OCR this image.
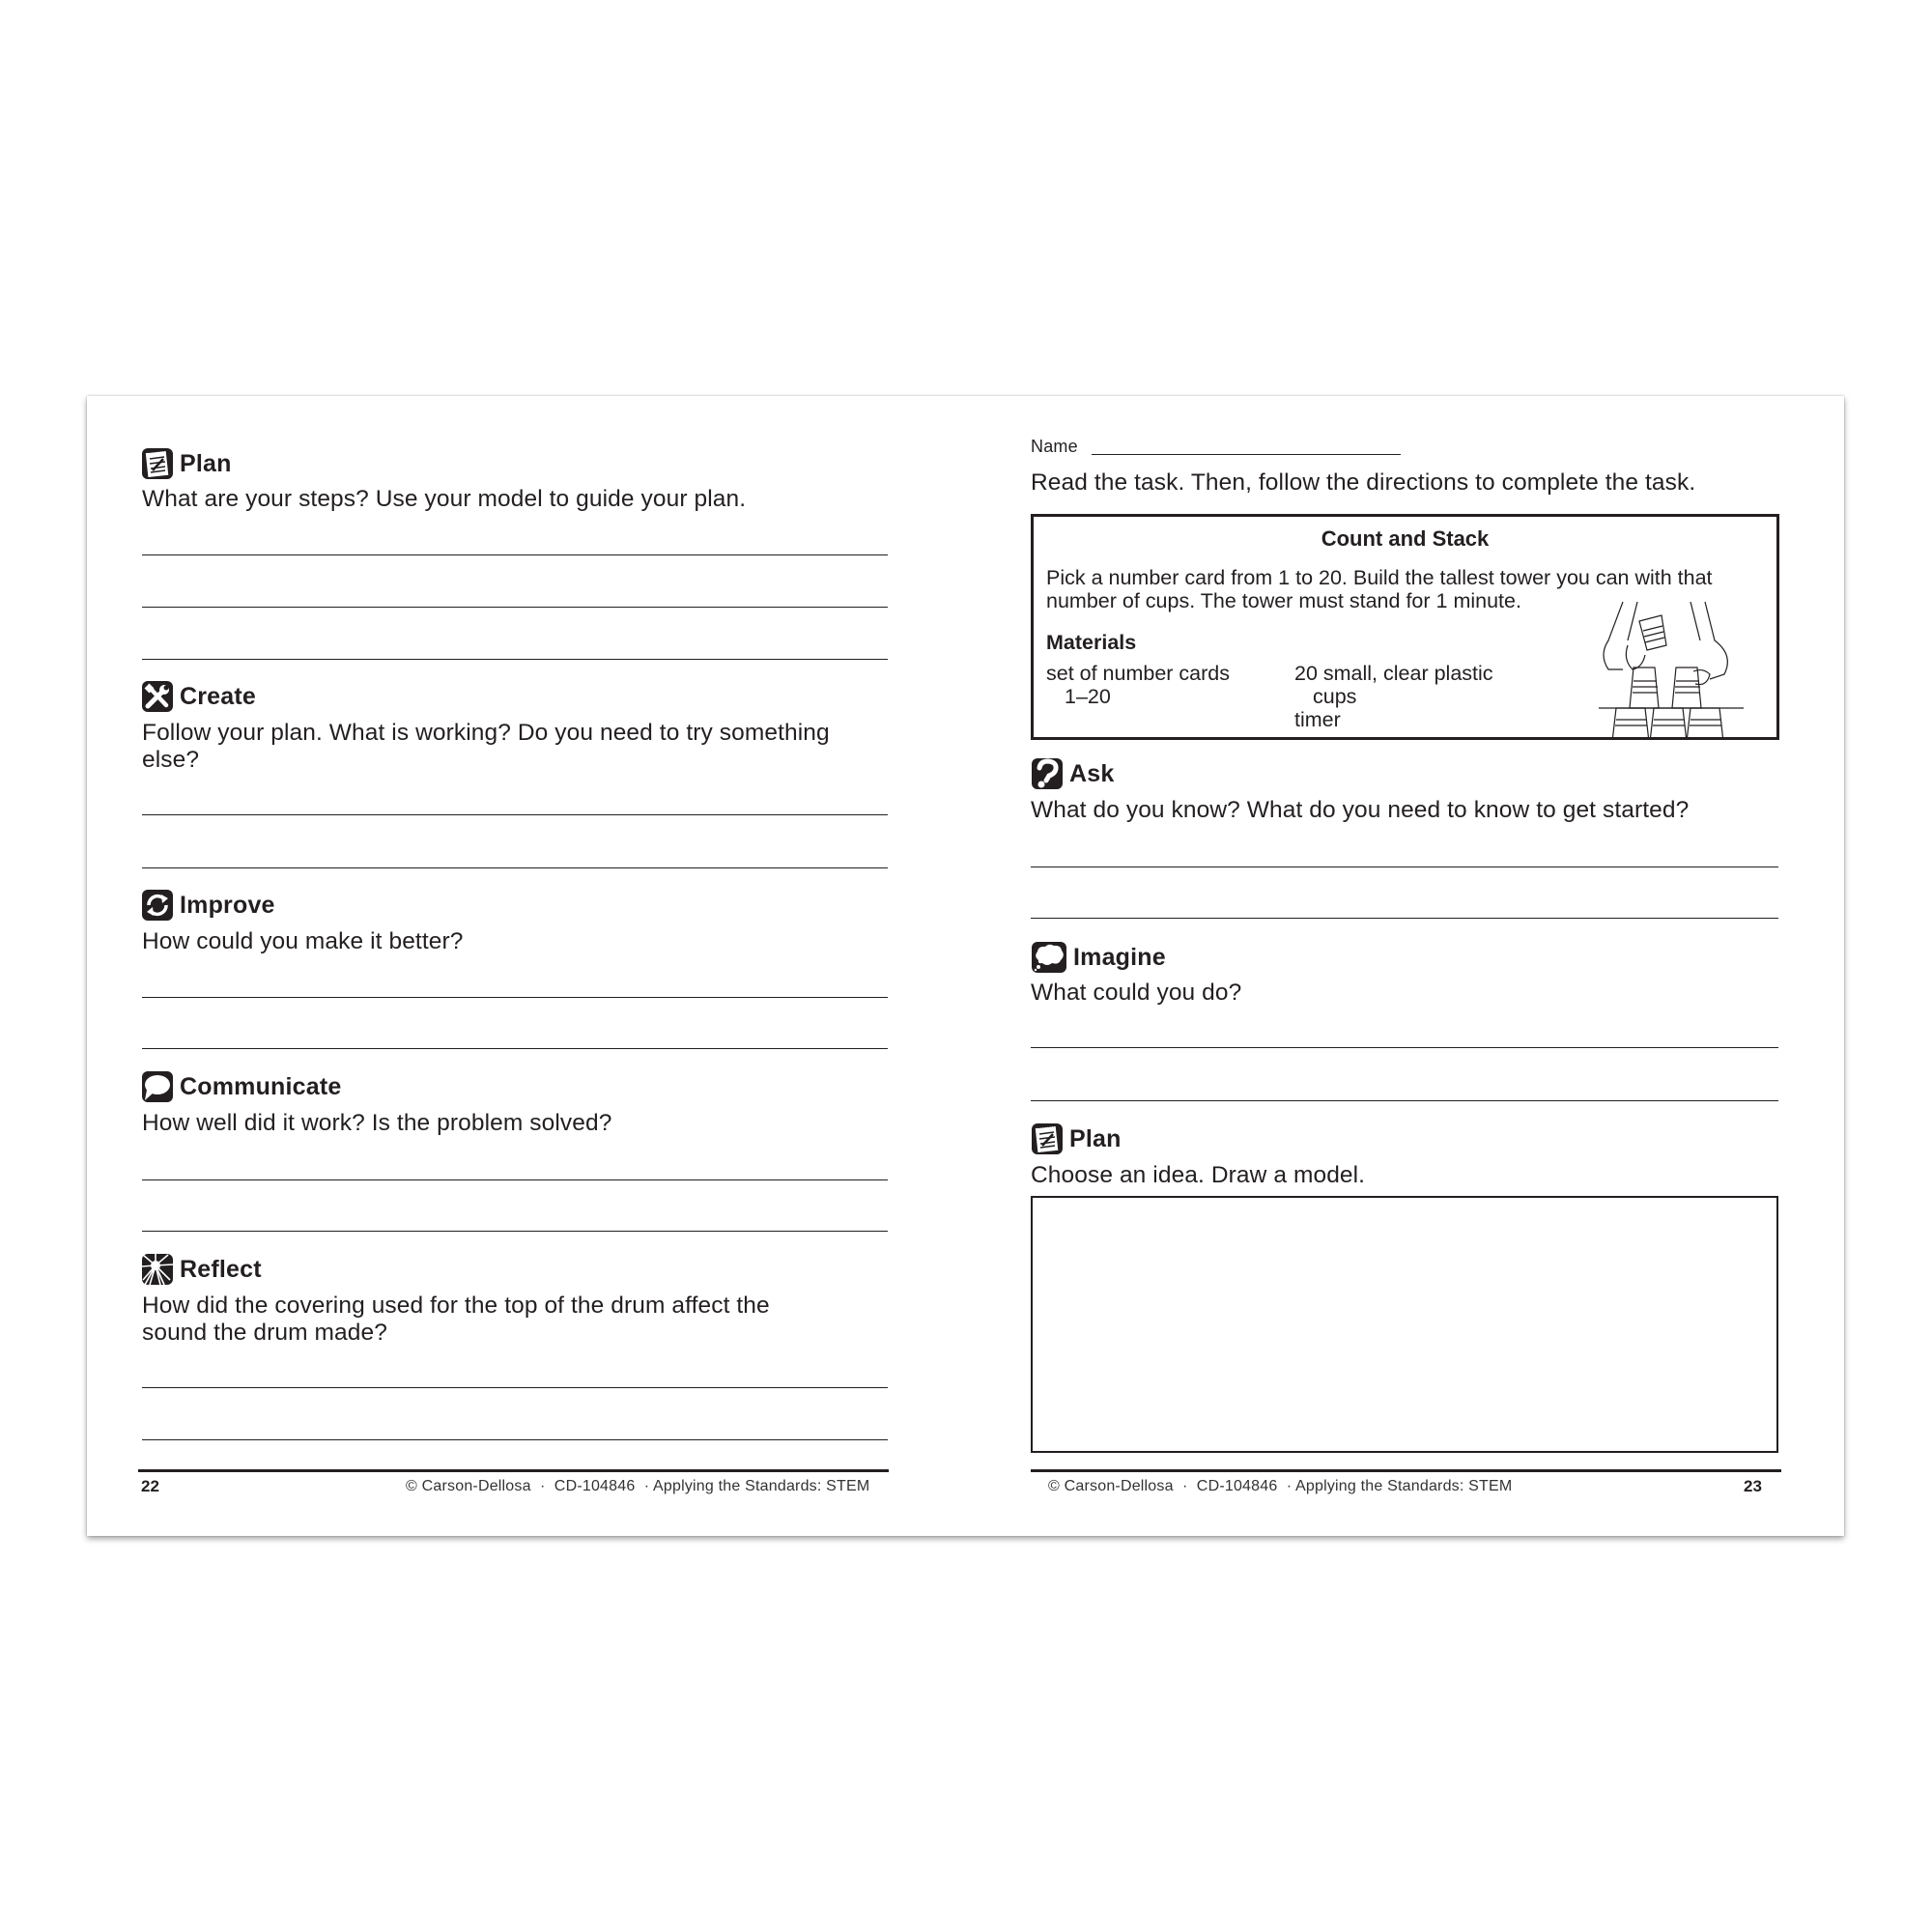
Plan
What are your steps? Use your model to guide your plan.
Create
Follow your plan. What is working? Do you need to try something
else?
Improve
How could you make it better?
Communicate
How well did it work? Is the problem solved?
Reflect
How did the covering used for the top of the drum affect the
sound the drum made?
22	© Carson-Dellosa  ·  CD-104846  · Applying the Standards: STEM
Name
Read the task. Then, follow the directions to complete the task.
Count and Stack
Pick a number card from 1 to 20. Build the tallest tower you can with that
number of cups. The tower must stand for 1 minute.
Materials
set of number cards
1–20
20 small, clear plastic
cups
timer
Ask
What do you know? What do you need to know to get started?
Imagine
What could you do?
Plan
Choose an idea. Draw a model.
© Carson-Dellosa  ·  CD-104846  · Applying the Standards: STEM	23
